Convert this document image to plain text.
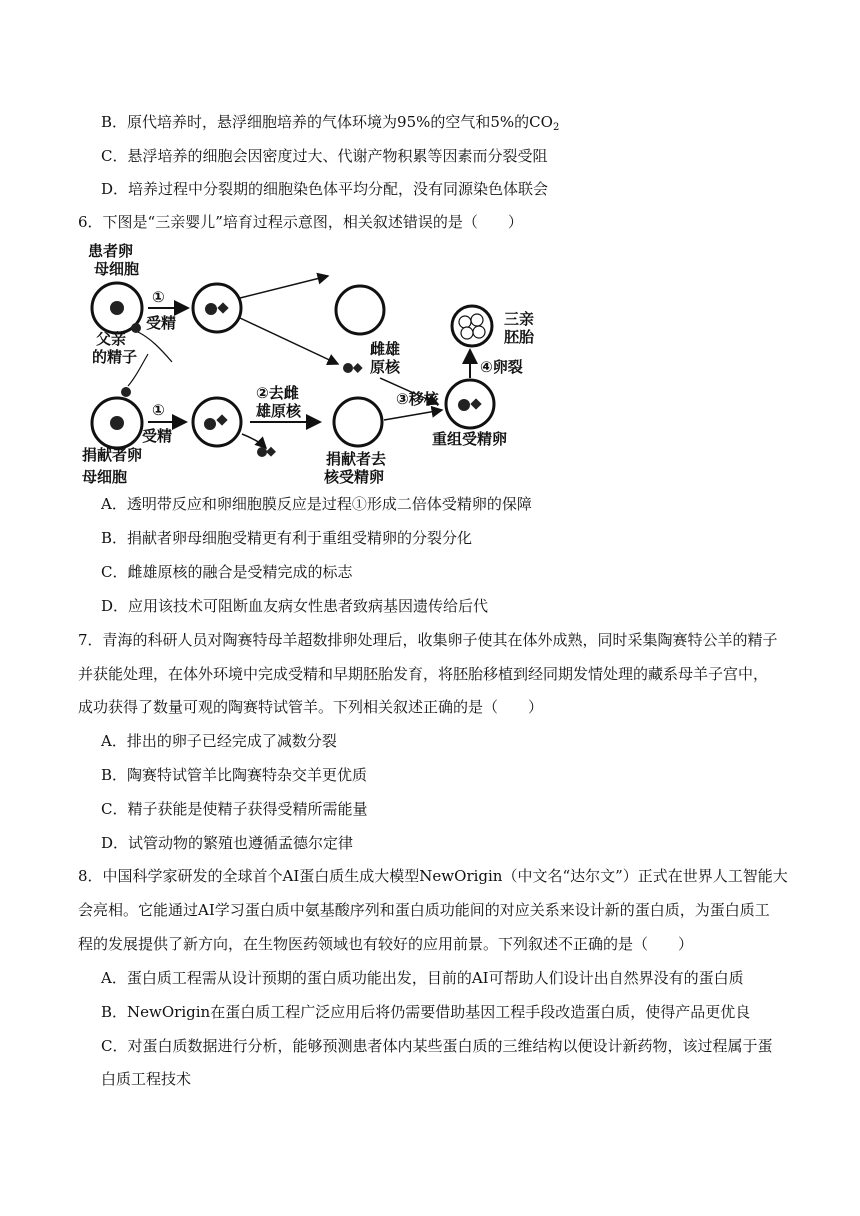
B．原代培养时，悬浮细胞培养的气体环境为95%的空气和5%的$CO_2$
C．悬浮培养的细胞会因密度过大、代谢产物积累等因素而分裂受阻
D．培养过程中分裂期的细胞染色体平均分配，没有同源染色体联会
6．下图是“三亲婴儿”培育过程示意图，相关叙述错误的是（　　）
患者卵
母细胞
①
受精
雌雄
原核
父亲
的精子
捐献者卵
①
受精
②去雌
雄原核
捐献者去
③移核
重组受精卵
④卵裂
三亲
胚胎
母细胞	核受精卵
A．透明带反应和卵细胞膜反应是过程①形成二倍体受精卵的保障
B．捐献者卵母细胞受精更有利于重组受精卵的分裂分化
C．雌雄原核的融合是受精完成的标志
D．应用该技术可阻断血友病女性患者致病基因遗传给后代
7．青海的科研人员对陶赛特母羊超数排卵处理后，收集卵子使其在体外成熟，同时采集陶赛特公羊的精子
并获能处理，在体外环境中完成受精和早期胚胎发育，将胚胎移植到经同期发情处理的藏系母羊子宫中，
成功获得了数量可观的陶赛特试管羊。下列相关叙述正确的是（　　）
A．排出的卵子已经完成了减数分裂
B．陶赛特试管羊比陶赛特杂交羊更优质
C．精子获能是使精子获得受精所需能量
D．试管动物的繁殖也遵循孟德尔定律
8．中国科学家研发的全球首个AI蛋白质生成大模型NewOrigin（中文名“达尔文”）正式在世界人工智能大
会亮相。它能通过AI学习蛋白质中氨基酸序列和蛋白质功能间的对应关系来设计新的蛋白质，为蛋白质工
程的发展提供了新方向，在生物医药领域也有较好的应用前景。下列叙述不正确的是（　　）
A．蛋白质工程需从设计预期的蛋白质功能出发，目前的AI可帮助人们设计出自然界没有的蛋白质
B．NewOrigin在蛋白质工程广泛应用后将仍需要借助基因工程手段改造蛋白质，使得产品更优良
C．对蛋白质数据进行分析，能够预测患者体内某些蛋白质的三维结构以便设计新药物，该过程属于蛋
白质工程技术
